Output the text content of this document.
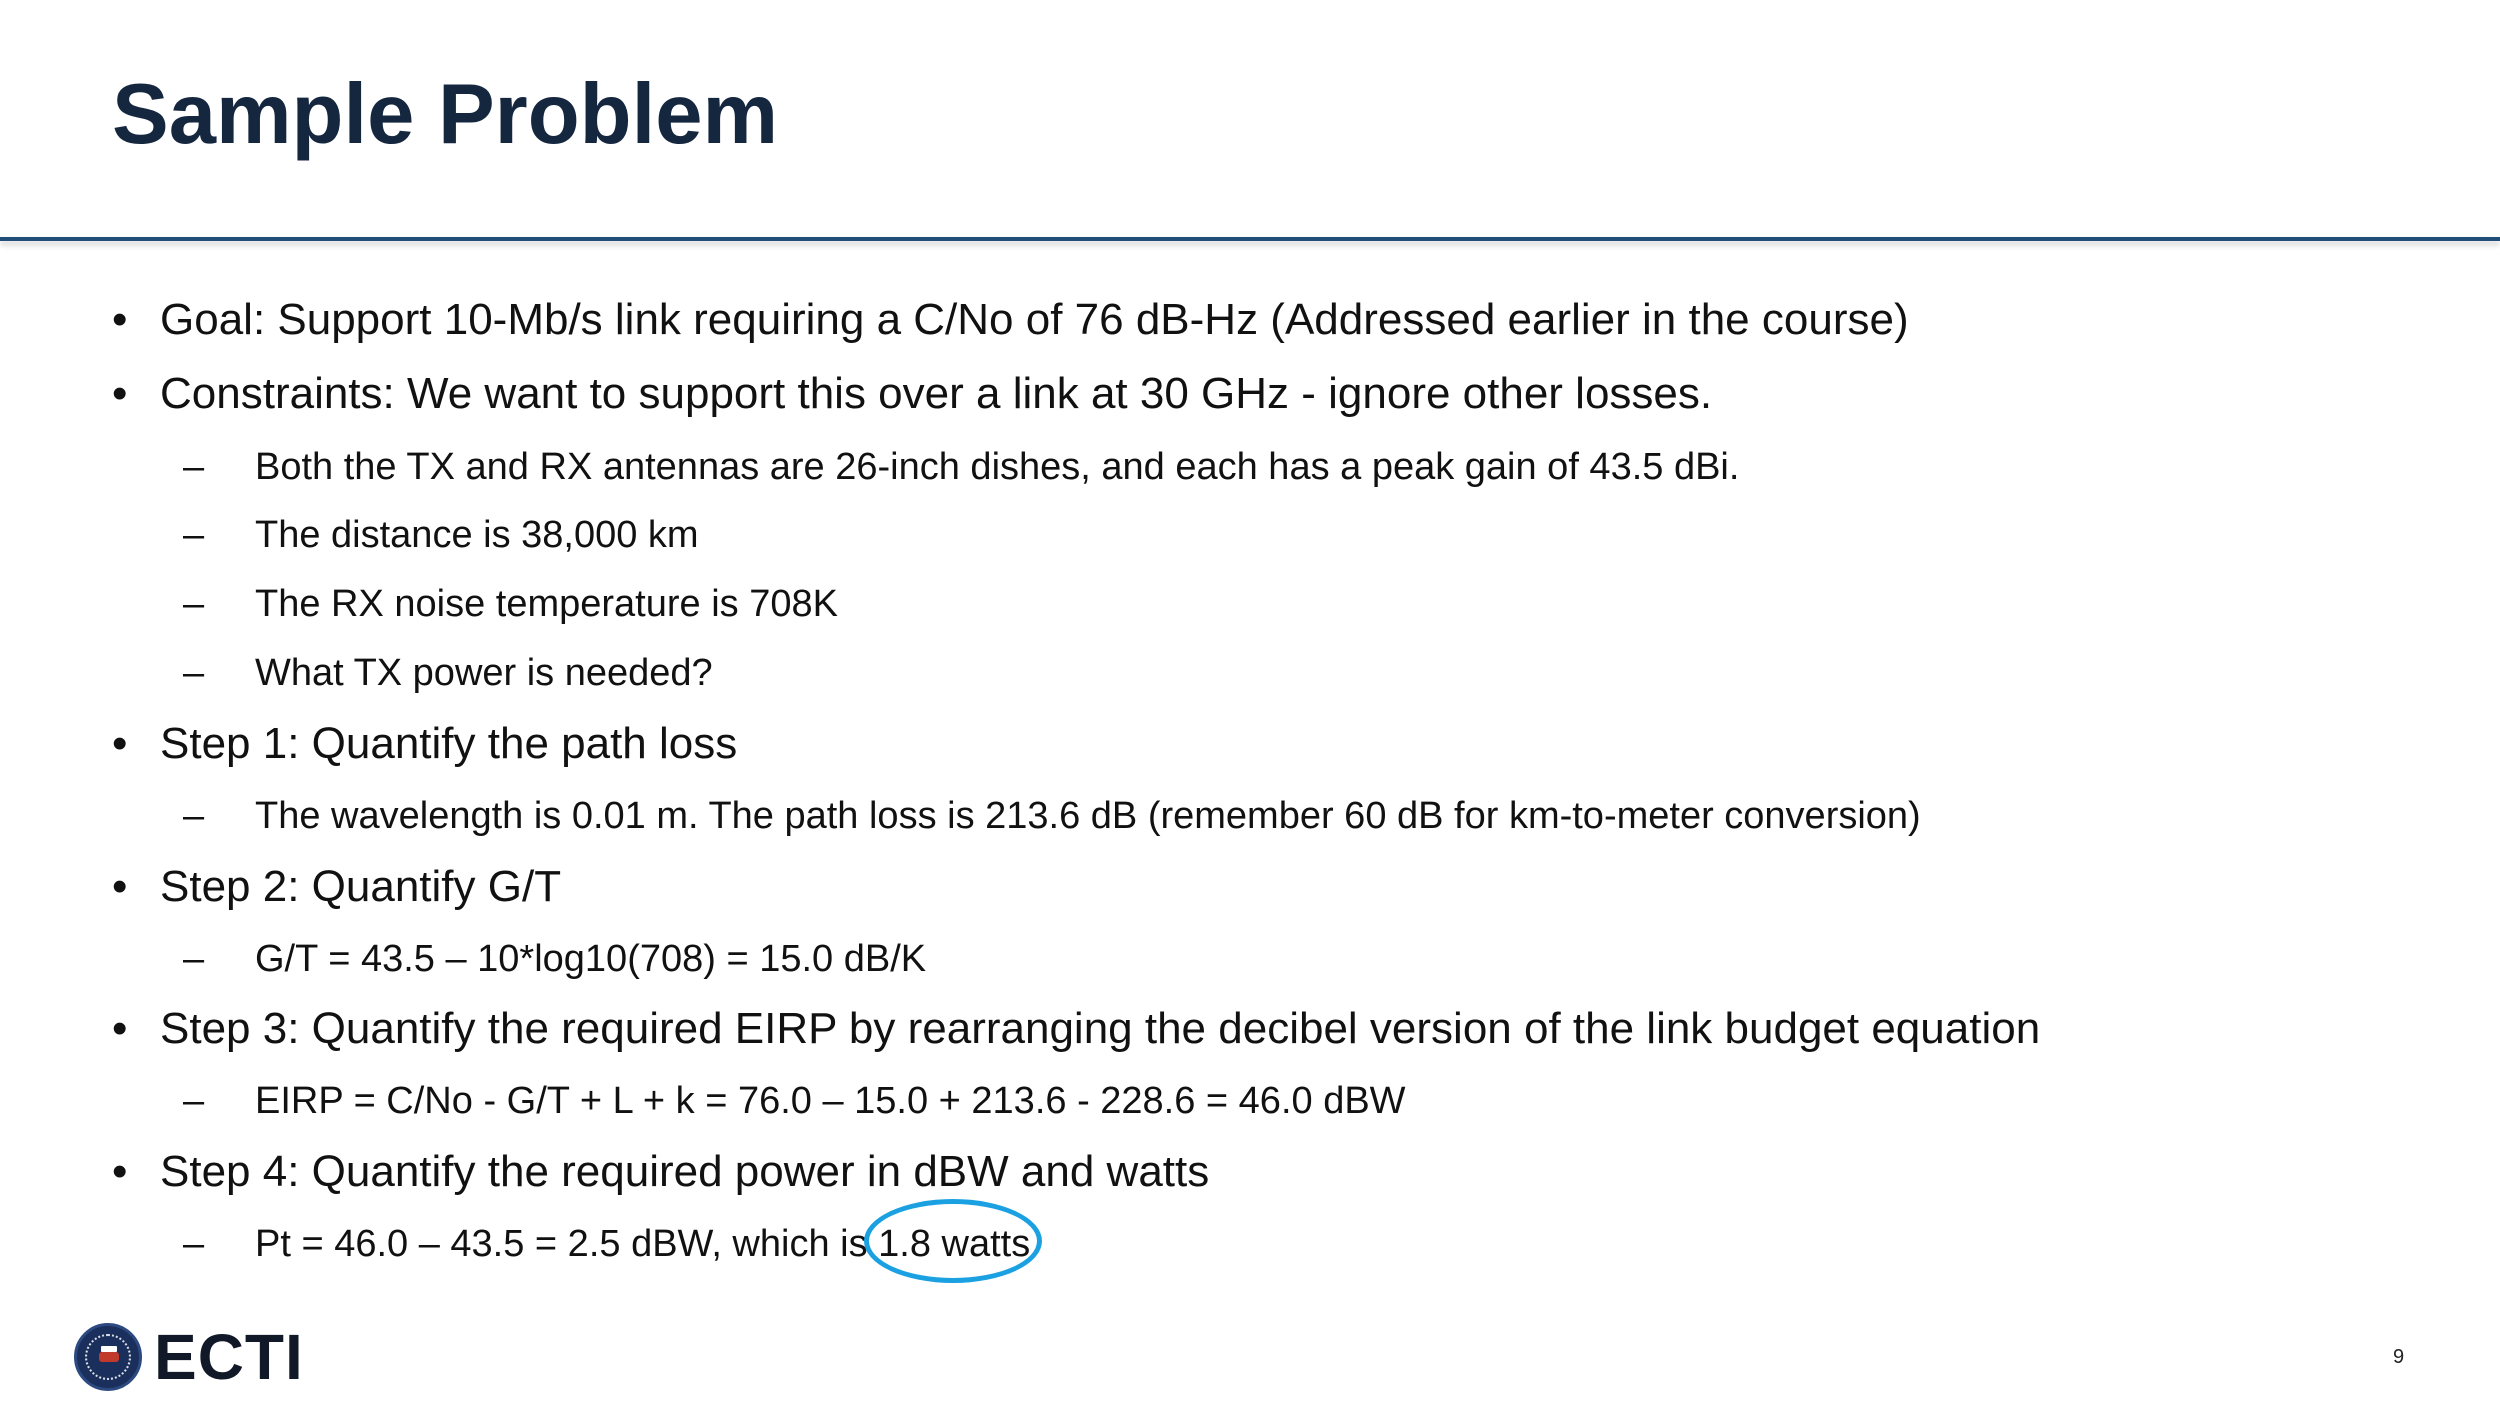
Sample Problem
• Goal: Support 10-Mb/s link requiring a C/No of 76 dB-Hz (Addressed earlier in the course)
• Constraints: We want to support this over a link at 30 GHz - ignore other losses.
– Both the TX and RX antennas are 26-inch dishes, and each has a peak gain of 43.5 dBi.
– The distance is 38,000 km
– The RX noise temperature is 708K
– What TX power is needed?
• Step 1: Quantify the path loss
– The wavelength is 0.01 m. The path loss is 213.6 dB (remember 60 dB for km-to-meter conversion)
• Step 2: Quantify G/T
– G/T = 43.5 – 10*log10(708) = 15.0 dB/K
• Step 3: Quantify the required EIRP by rearranging the decibel version of the link budget equation
– EIRP = C/No - G/T + L + k = 76.0 – 15.0 + 213.6 - 228.6 = 46.0 dBW
• Step 4: Quantify the required power in dBW and watts
– Pt = 46.0 – 43.5 = 2.5 dBW, which is
1.8 watts
ECTI	9
